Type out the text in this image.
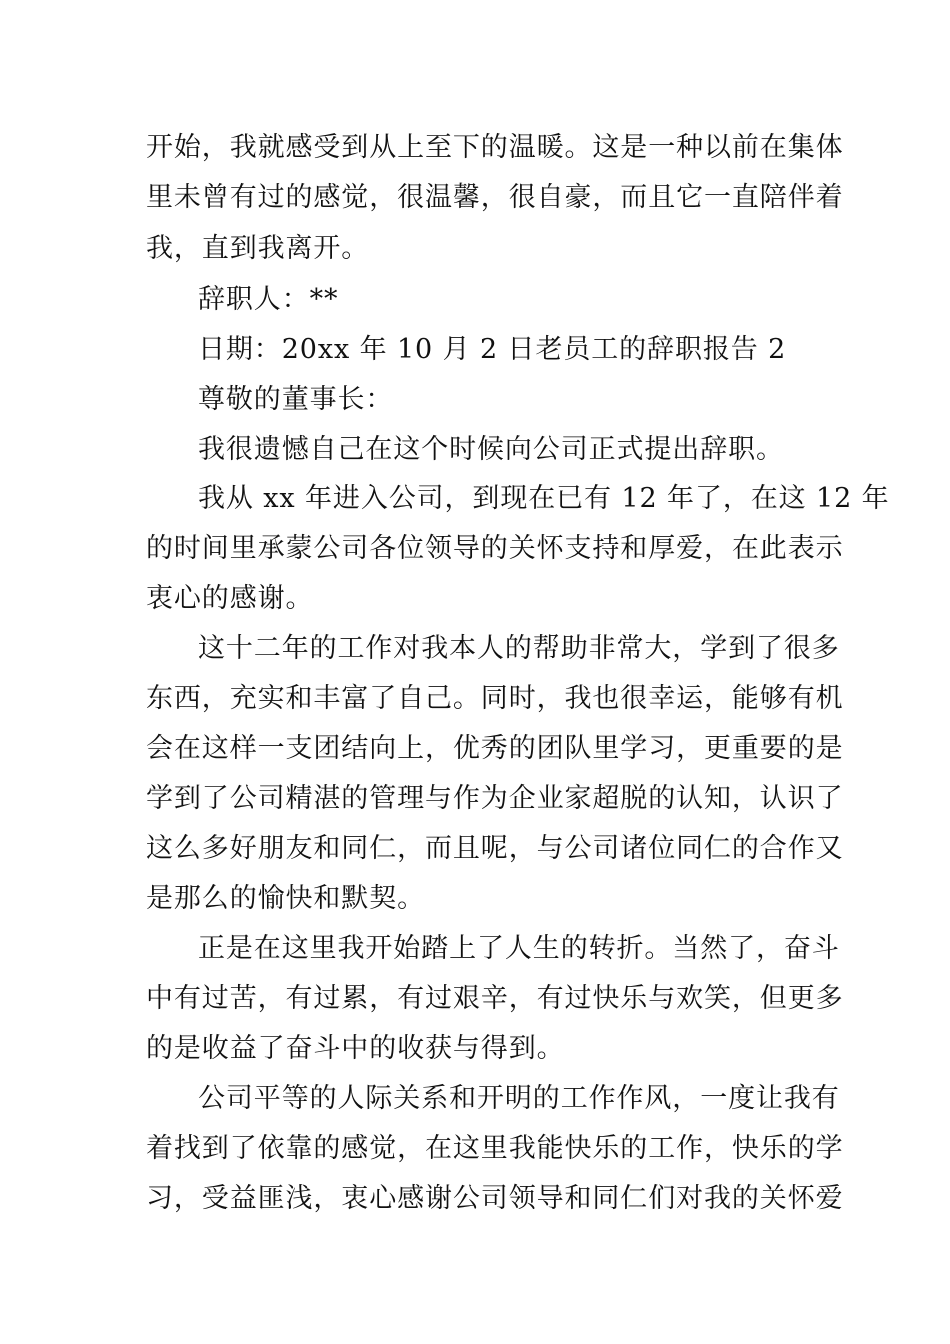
开始，我就感受到从上至下的温暖。这是一种以前在集体
里未曾有过的感觉，很温馨，很自豪，而且它一直陪伴着
我，直到我离开。
辞职人：**
日期：20xx 年 10 月 2 日老员工的辞职报告 2
尊敬的董事长：
我很遗憾自己在这个时候向公司正式提出辞职。
我从 xx 年进入公司，到现在已有 12 年了，在这 12 年
的时间里承蒙公司各位领导的关怀支持和厚爱，在此表示
衷心的感谢。
这十二年的工作对我本人的帮助非常大，学到了很多
东西，充实和丰富了自己。同时，我也很幸运，能够有机
会在这样一支团结向上，优秀的团队里学习，更重要的是
学到了公司精湛的管理与作为企业家超脱的认知，认识了
这么多好朋友和同仁，而且呢，与公司诸位同仁的合作又
是那么的愉快和默契。
正是在这里我开始踏上了人生的转折。当然了，奋斗
中有过苦，有过累，有过艰辛，有过快乐与欢笑，但更多
的是收益了奋斗中的收获与得到。
公司平等的人际关系和开明的工作作风，一度让我有
着找到了依靠的感觉，在这里我能快乐的工作，快乐的学
习，受益匪浅，衷心感谢公司领导和同仁们对我的关怀爱
